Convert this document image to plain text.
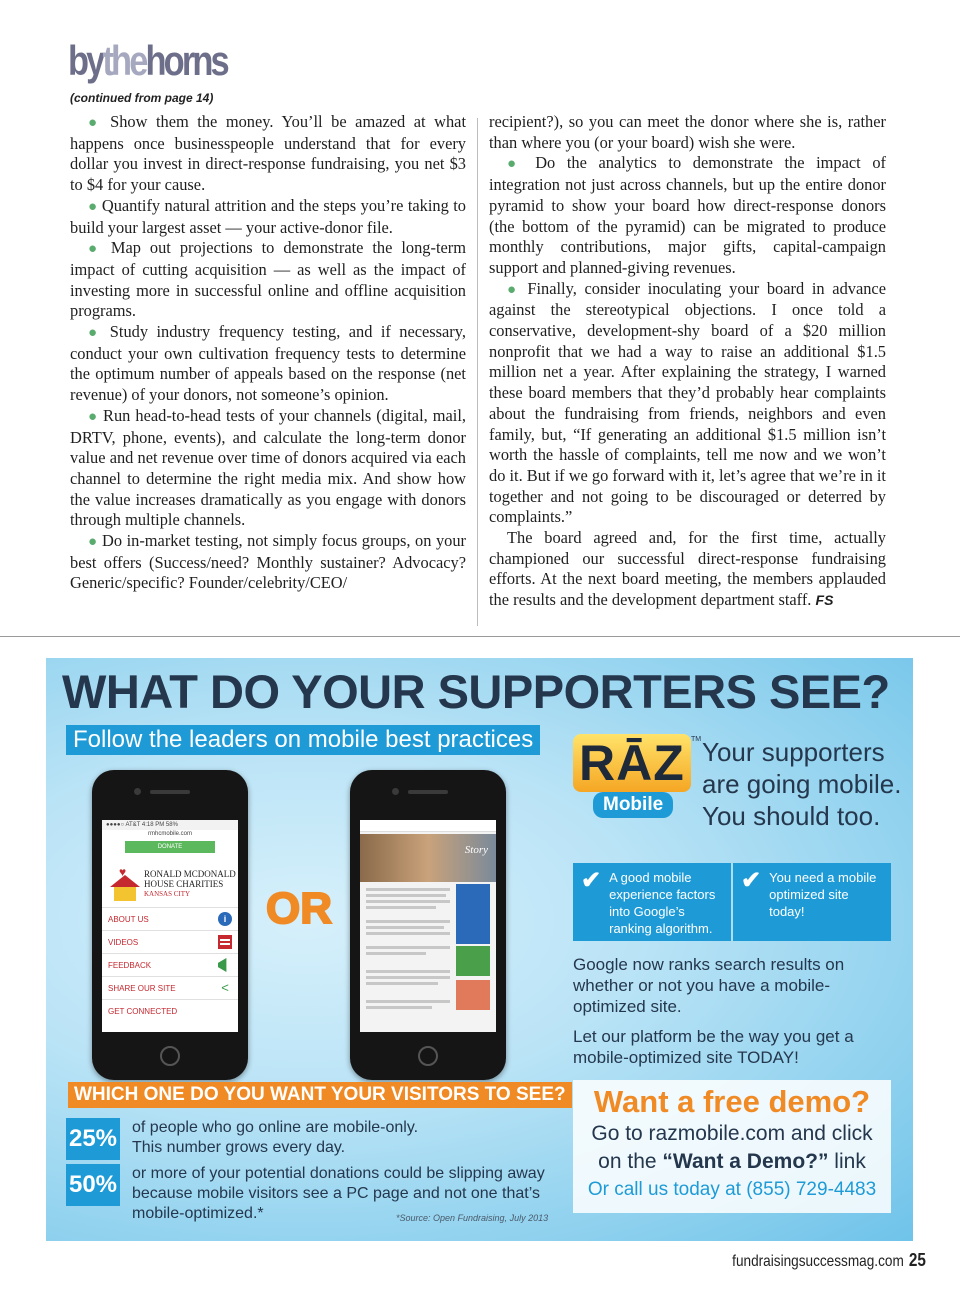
bythehorns
(continued from page 14)

● Show them the money. You’ll be amazed at what happens once businesspeople understand that for every dollar you invest in direct-response fundraising, you net $3 to $4 for your cause.

● Quantify natural attrition and the steps you’re taking to build your largest asset — your active-donor file.

● Map out projections to demonstrate the long-term impact of cutting acquisition — as well as the impact of investing more in successful online and offline acquisition programs.

● Study industry frequency testing, and if necessary, conduct your own cultivation frequency tests to determine the optimum number of appeals based on the response (net revenue) of your donors, not someone’s opinion.

● Run head-to-head tests of your channels (digital, mail, DRTV, phone, events), and calculate the long-term donor value and net revenue over time of donors acquired via each channel to determine the right media mix. And show how the value increases dramatically as you engage with donors through multiple channels.

● Do in-market testing, not simply focus groups, on your best offers (Success/need? Monthly sustainer? Advocacy? Generic/specific? Founder/celebrity/CEO/

recipient?), so you can meet the donor where she is, rather than where you (or your board) wish she were.

● Do the analytics to demonstrate the impact of integration not just across channels, but up the entire donor pyramid to show your board how direct-response donors (the bottom of the pyramid) can be migrated to produce monthly contributions, major gifts, capital-campaign support and planned-giving revenues.

● Finally, consider inoculating your board in advance against the stereotypical objections. I once told a conservative, development-shy board of a $20 million nonprofit that we had a way to raise an additional $1.5 million net a year. After explaining the strategy, I warned these board members that they’d probably hear complaints about the fundraising from friends, neighbors and even family, but, “If generating an additional $1.5 million isn’t worth the hassle of complaints, tell me now and we won’t do it. But if we go forward with it, let’s agree that we’re in it together and not going to be discouraged or deterred by complaints.”

The board agreed and, for the first time, actually championed our successful direct-response fundraising efforts. At the next board meeting, the members applauded the results and the development department staff. FS

WHAT DO YOUR SUPPORTERS SEE?
Follow the leaders on mobile best practices
●●●●○ AT&T 4:18 PM 58%
rmhcmobile.com
DONATE
♥ RONALD MCDONALD
HOUSE CHARITIES
KANSAS CITY
ABOUT US	i
VIDEOS
FEEDBACK
SHARE OUR SITE	<
GET CONNECTED
OR
Story
WHICH ONE DO YOU WANT YOUR VISITORS TO SEE?
25% of people who go online are mobile-only.
This number grows every day.
50% or more of your potential donations could be slipping away
because mobile visitors see a PC page and not one that’s
mobile-optimized.*	*Source: Open Fundraising, July 2013
RĀZ
Mobile
TM Your supporters
are going mobile.
You should too.
✔ A good mobile experience factors into Google’s ranking algorithm.
✔ You need a mobile optimized site today!
Google now ranks search results on whether or not you have a mobile-optimized site.
Let our platform be the way you get a mobile-optimized site TODAY!
Want a free demo?
Go to razmobile.com and click
on the “Want a Demo?” link
Or call us today at (855) 729-4483
fundraisingsuccessmag.com 25
